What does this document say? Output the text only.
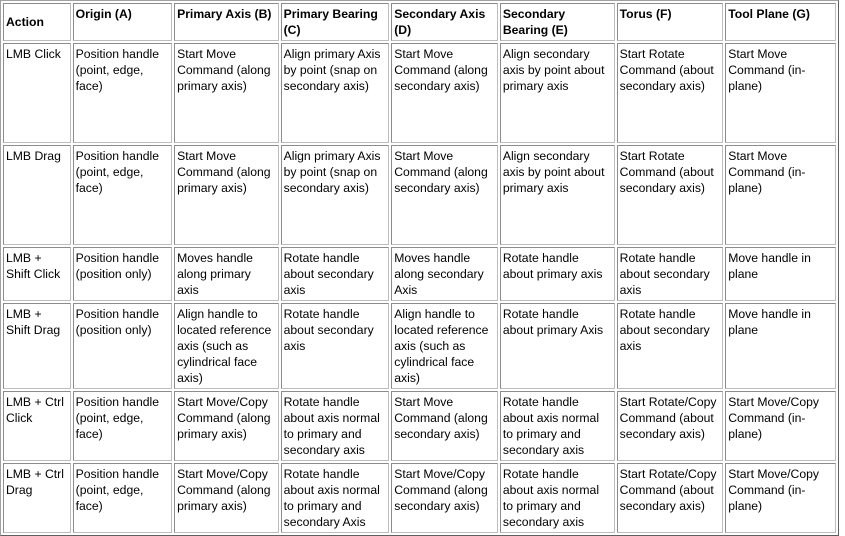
Action	Origin (A)	Primary Axis (B)	Primary Bearing (C)	Secondary Axis (D)	Secondary Bearing (E)	Torus (F)	Tool Plane (G)
LMB Click	Position handle (point, edge, face)	Start Move Command (along primary axis)	Align primary Axis by point (snap on secondary axis)	Start Move Command (along secondary axis)	Align secondary axis by point about primary axis	Start Rotate Command (about secondary axis)	Start Move Command (in-plane)
LMB Drag	Position handle (point, edge, face)	Start Move Command (along primary axis)	Align primary Axis by point (snap on secondary axis)	Start Move Command (along secondary axis)	Align secondary axis by point about primary axis	Start Rotate Command (about secondary axis)	Start Move Command (in-plane)
LMB + Shift Click	Position handle (position only)	Moves handle along primary axis	Rotate handle about secondary axis	Moves handle along secondary Axis	Rotate handle about primary axis	Rotate handle about secondary axis	Move handle in plane
LMB + Shift Drag	Position handle (position only)	Align handle to located reference axis (such as cylindrical face axis)	Rotate handle about secondary axis	Align handle to located reference axis (such as cylindrical face axis)	Rotate handle about primary Axis	Rotate handle about secondary axis	Move handle in plane
LMB + Ctrl Click	Position handle (point, edge, face)	Start Move/Copy Command (along primary axis)	Rotate handle about axis normal to primary and secondary axis	Start Move Command (along secondary axis)	Rotate handle about axis normal to primary and secondary axis	Start Rotate/Copy Command (about secondary axis)	Start Move/Copy Command (in-plane)
LMB + Ctrl Drag	Position handle (point, edge, face)	Start Move/Copy Command (along primary axis)	Rotate handle about axis normal to primary and secondary Axis	Start Move/Copy Command (along secondary axis)	Rotate handle about axis normal to primary and secondary axis	Start Rotate/Copy Command (about secondary axis)	Start Move/Copy Command (in-plane)
